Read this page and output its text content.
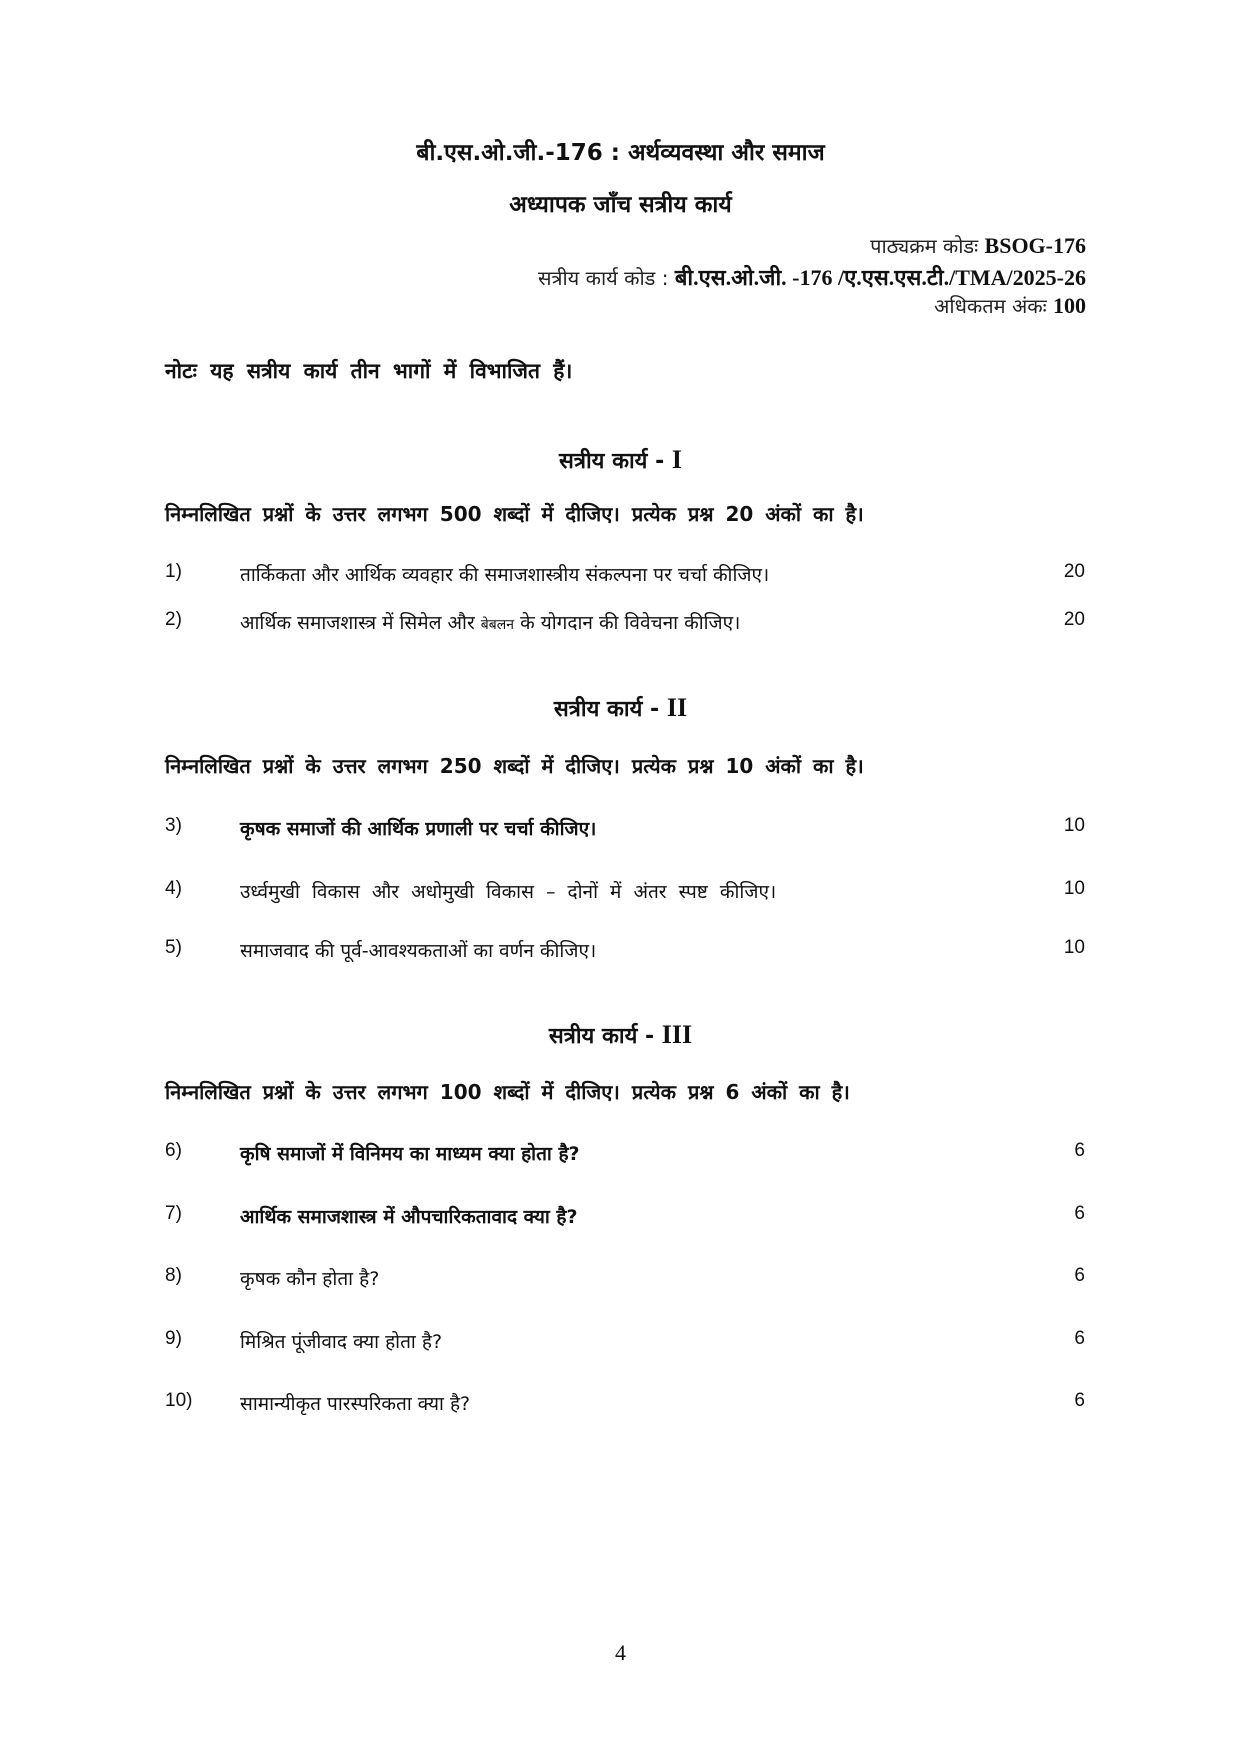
बी.एस.ओ.जी.-176 : अर्थव्यवस्था और समाज
अध्यापक जाँच सत्रीय कार्य
पाठ्यक्रम कोडः BSOG-176
सत्रीय कार्य कोड : बी.एस.ओ.जी. -176 /ए.एस.एस.टी./TMA/2025-26
अधिकतम अंकः 100
नोटः यह सत्रीय कार्य तीन भागों में विभाजित हैं।
सत्रीय कार्य - I
निम्नलिखित प्रश्नों के उत्तर लगभग 500 शब्दों में दीजिए। प्रत्येक प्रश्न 20 अंकों का है।
1)	तार्किकता और आर्थिक व्यवहार की समाजशास्त्रीय संकल्पना पर चर्चा कीजिए।	20
2)	आर्थिक समाजशास्त्र में सिमेल और बेबलन के योगदान की विवेचना कीजिए।	20
सत्रीय कार्य - II
निम्नलिखित प्रश्नों के उत्तर लगभग 250 शब्दों में दीजिए। प्रत्येक प्रश्न 10 अंकों का है।
3)	कृषक समाजों की आर्थिक प्रणाली पर चर्चा कीजिए।	10
4)	उर्ध्वमुखी विकास और अधोमुखी विकास – दोनों में अंतर स्पष्ट कीजिए।	10
5)	समाजवाद की पूर्व-आवश्यकताओं का वर्णन कीजिए।	10
सत्रीय कार्य - III
निम्नलिखित प्रश्नों के उत्तर लगभग 100 शब्दों में दीजिए। प्रत्येक प्रश्न 6 अंकों का है।
6)	कृषि समाजों में विनिमय का माध्यम क्या होता है?	6
7)	आर्थिक समाजशास्त्र में औपचारिकतावाद क्या है?	6
8)	कृषक कौन होता है?	6
9)	मिश्रित पूंजीवाद क्या होता है?	6
10)	सामान्यीकृत पारस्परिकता क्या है?	6
4
